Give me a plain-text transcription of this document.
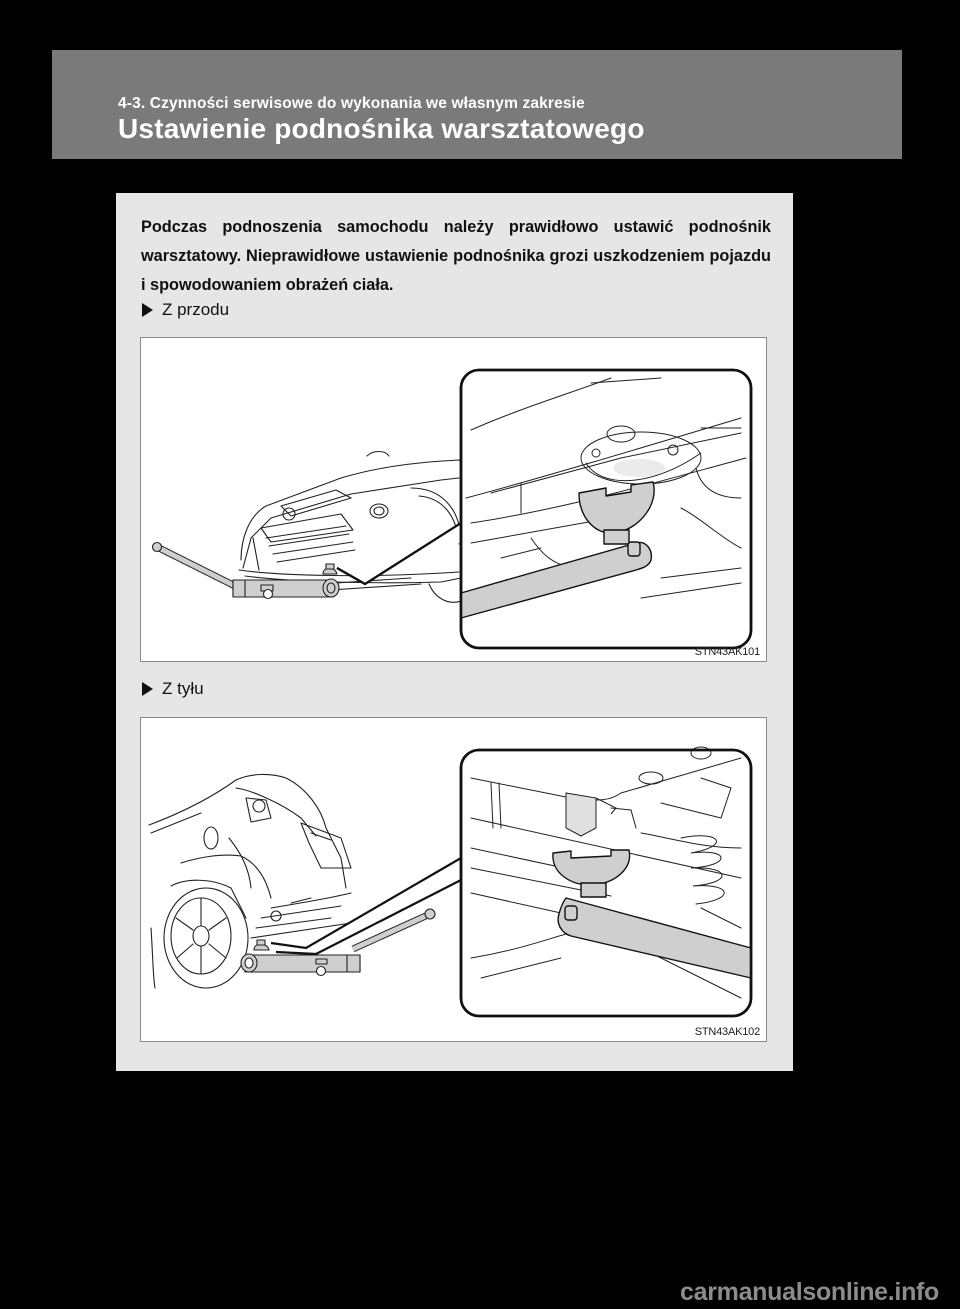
4-3. Czynności serwisowe do wykonania we własnym zakresie
Ustawienie podnośnika warsztatowego
Podczas podnoszenia samochodu należy prawidłowo ustawić podnośnik warsztatowy. Nieprawidłowe ustawienie podnośnika grozi uszkodzeniem pojazdu i spowodowaniem obrażeń ciała.
Z przodu
STN43AK101
Z tyłu
STN43AK102
carmanualsonline.info
